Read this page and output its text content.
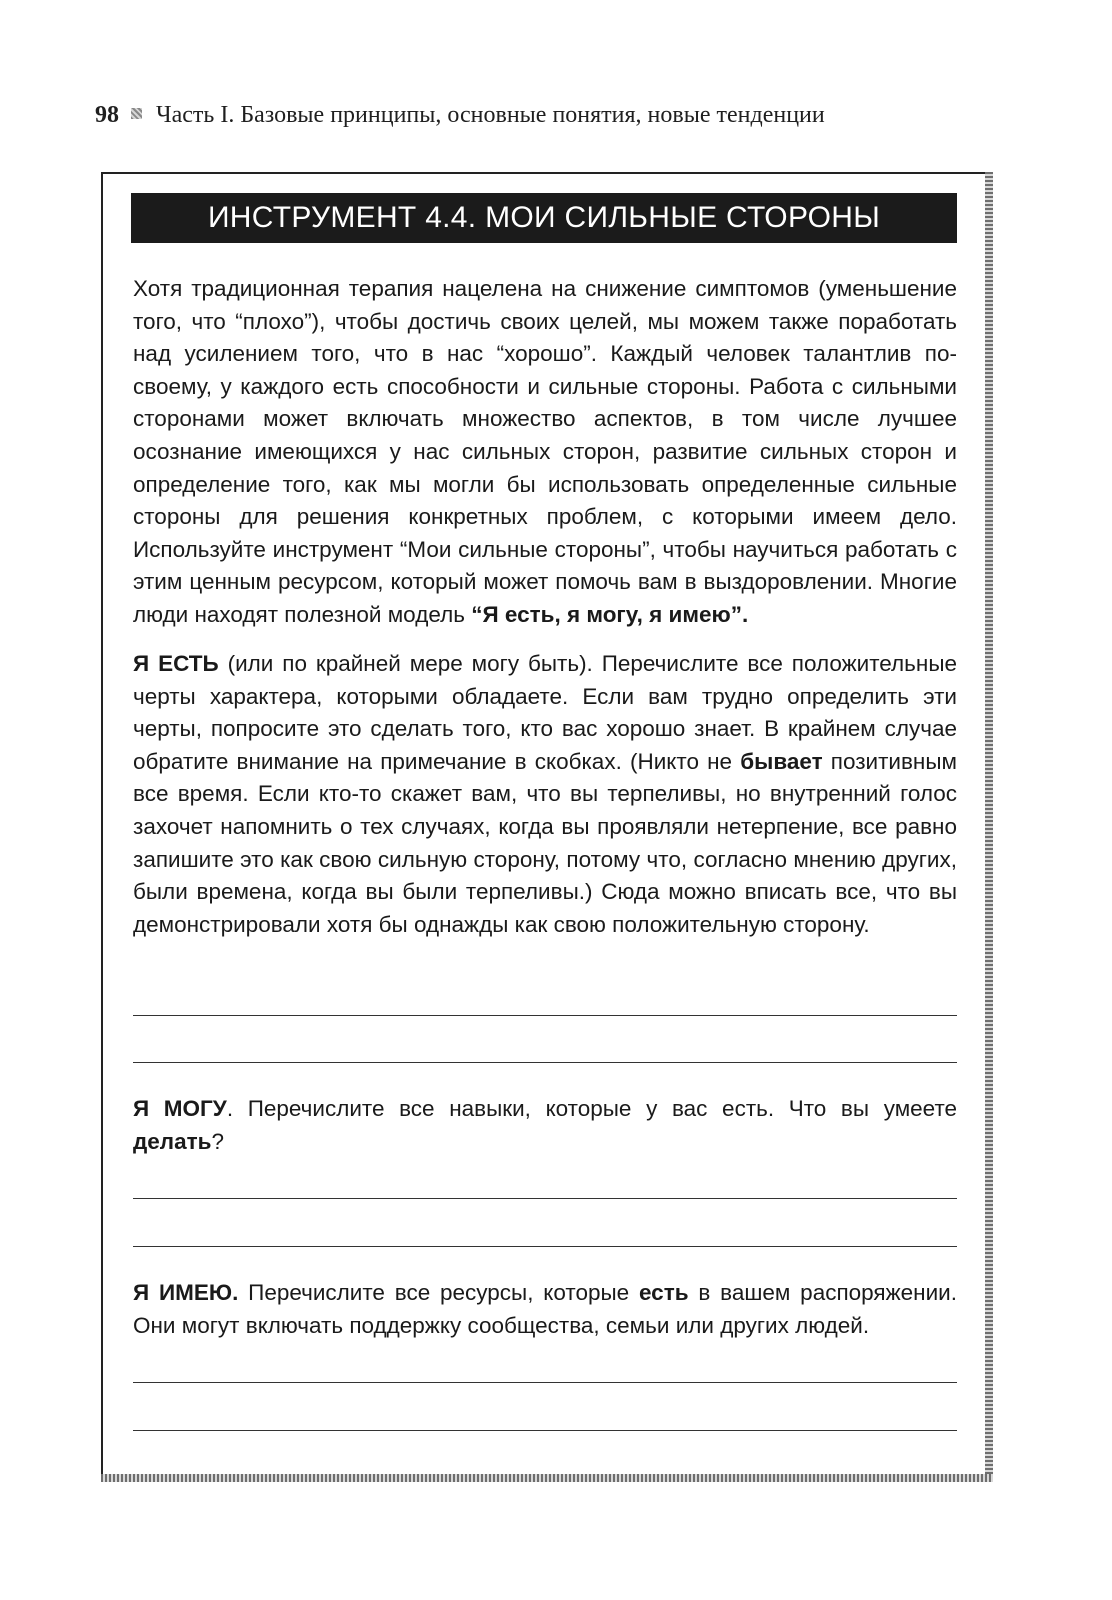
98 Часть I. Базовые принципы, основные понятия, новые тенденции
ИНСТРУМЕНТ 4.4. МОИ СИЛЬНЫЕ СТОРОНЫ

Хотя традиционная терапия нацелена на снижение симптомов (уменьшение того, что “плохо”), чтобы достичь своих целей, мы можем также поработать над усилением того, что в нас “хорошо”. Каждый человек талантлив по-своему, у каждого есть способности и сильные стороны. Работа с сильными сторонами может включать множество аспектов, в том числе лучшее осознание имеющихся у нас сильных сторон, развитие сильных сторон и определение того, как мы могли бы использовать определенные сильные стороны для решения конкретных проблем, с которыми имеем дело. Используйте инструмент “Мои сильные стороны”, чтобы научиться работать с этим ценным ресурсом, который может помочь вам в выздоровлении. Многие люди находят полезной модель “Я есть, я могу, я имею”.

Я ЕСТЬ (или по крайней мере могу быть). Перечислите все положительные черты характера, которыми обладаете. Если вам трудно определить эти черты, попросите это сделать того, кто вас хорошо знает. В крайнем случае обратите внимание на примечание в скобках. (Никто не бывает позитивным все время. Если кто-то скажет вам, что вы терпеливы, но внутренний голос захочет напомнить о тех случаях, когда вы проявляли нетерпение, все равно запишите это как свою сильную сторону, потому что, согласно мнению других, были времена, когда вы были терпеливы.) Сюда можно вписать все, что вы демонстрировали хотя бы однажды как свою положительную сторону.

Я МОГУ. Перечислите все навыки, которые у вас есть. Что вы умеете делать?

Я ИМЕЮ. Перечислите все ресурсы, которые есть в вашем распоряжении. Они могут включать поддержку сообщества, семьи или других людей.
